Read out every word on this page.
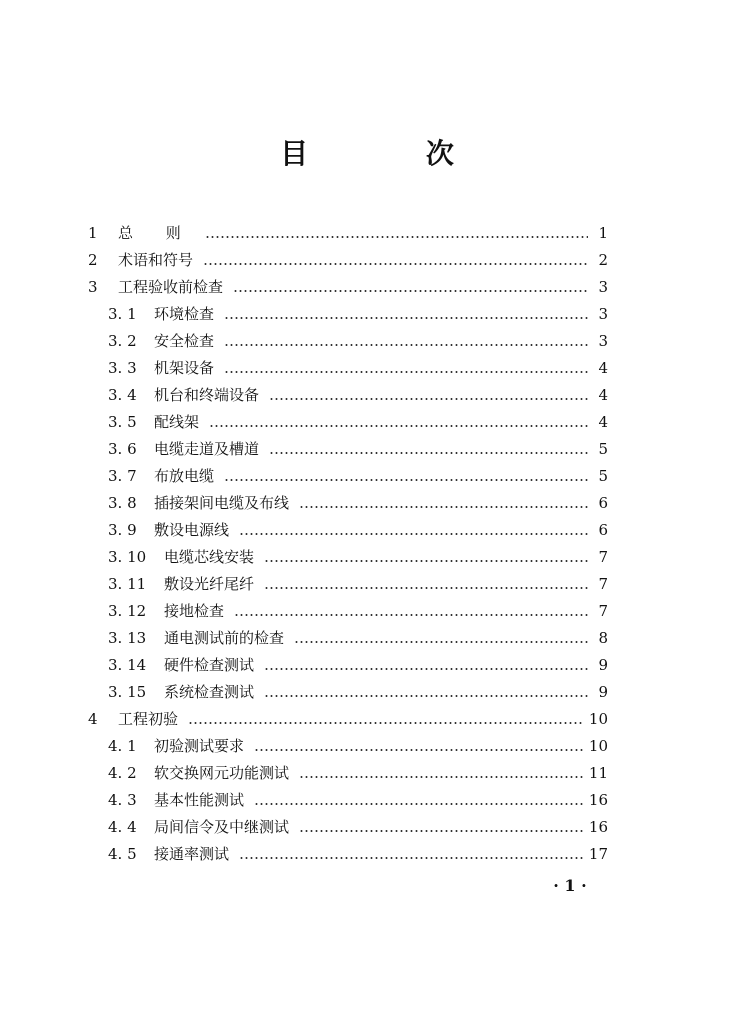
目 次
1	总 则	1
2	术语和符号	2
3	工程验收前检查	3
3. 1	环境检查	3
3. 2	安全检查	3
3. 3	机架设备	4
3. 4	机台和终端设备	4
3. 5	配线架	4
3. 6	电缆走道及槽道	5
3. 7	布放电缆	5
3. 8	插接架间电缆及布线	6
3. 9	敷设电源线	6
3. 10	电缆芯线安装	7
3. 11	敷设光纤尾纤	7
3. 12	接地检查	7
3. 13	通电测试前的检查	8
3. 14	硬件检查测试	9
3. 15	系统检查测试	9
4	工程初验	10
4. 1	初验测试要求	10
4. 2	软交换网元功能测试	11
4. 3	基本性能测试	16
4. 4	局间信令及中继测试	16
4. 5	接通率测试	17
· 1 ·
